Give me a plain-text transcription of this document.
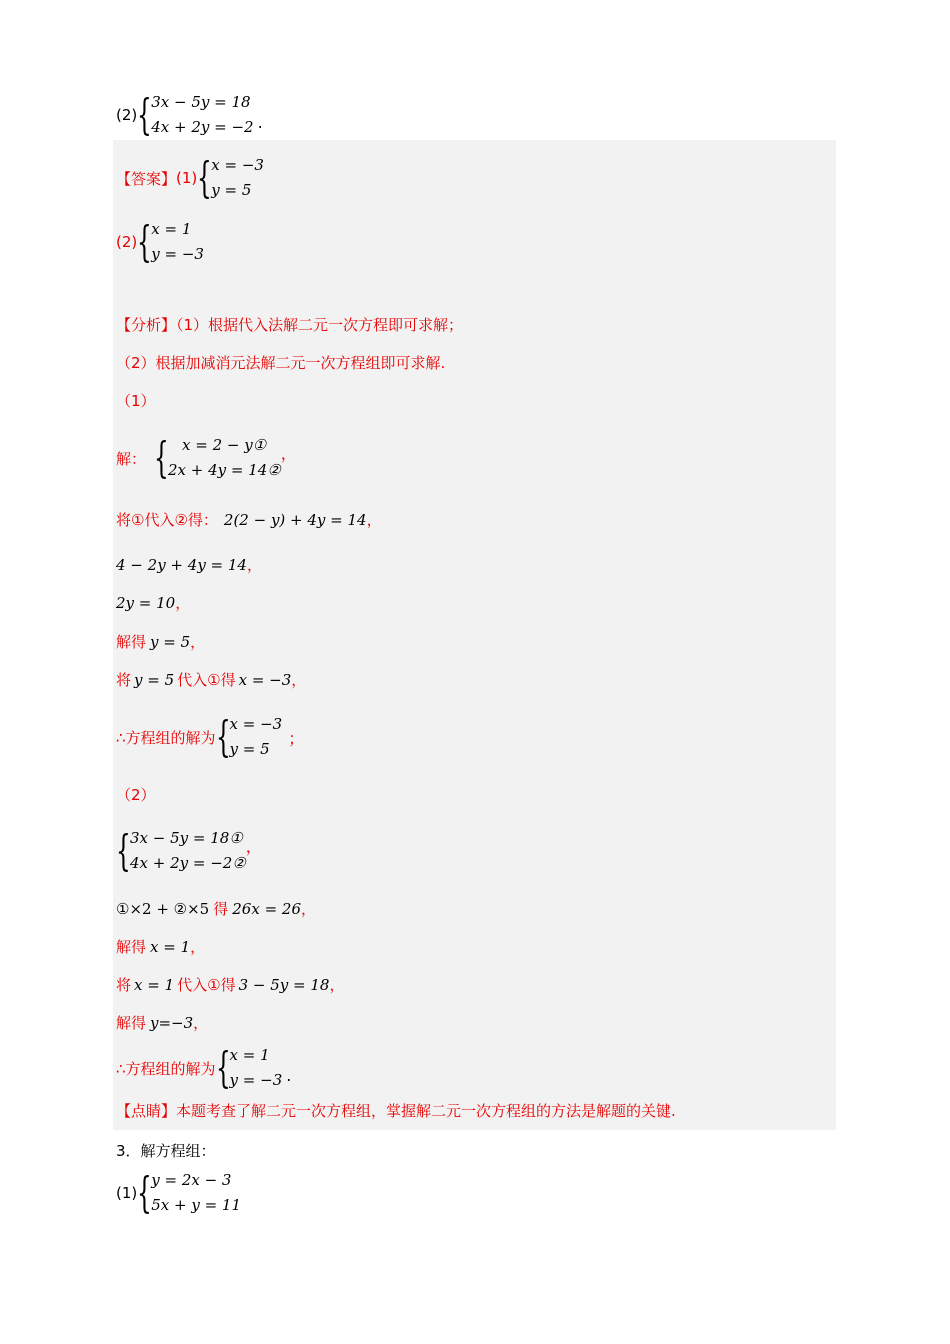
(2) { 3x − 5y = 18
4x + 2y = −2 .
【答案】 (1) { x = −3
y = 5
(2) { x = 1
y = −3
【分析】（1）根据代入法解二元一次方程即可求解；
（2）根据加减消元法解二元一次方程组即可求解.
（1）
解： { x = 2 − y①
2x + 4y = 14②
，
将①代入②得： 2(2 − y) + 4y = 14，
4 − 2y + 4y = 14，
2y = 10，
解得 y = 5，
将 y = 5 代入①得 x = −3，
∴方程组的解为 { x = −3
y = 5
；
（2）
{ 3x − 5y = 18①
4x + 2y = −2②
，
①×2 + ②×5 得 26x = 26，
解得 x = 1，
将 x = 1 代入①得 3 − 5y = 18，
解得 y=−3，
∴方程组的解为 { x = 1
y = −3 .
【点睛】本题考查了解二元一次方程组，掌握解二元一次方程组的方法是解题的关键.
3．解方程组：
(1) { y = 2x − 3
5x + y = 11
